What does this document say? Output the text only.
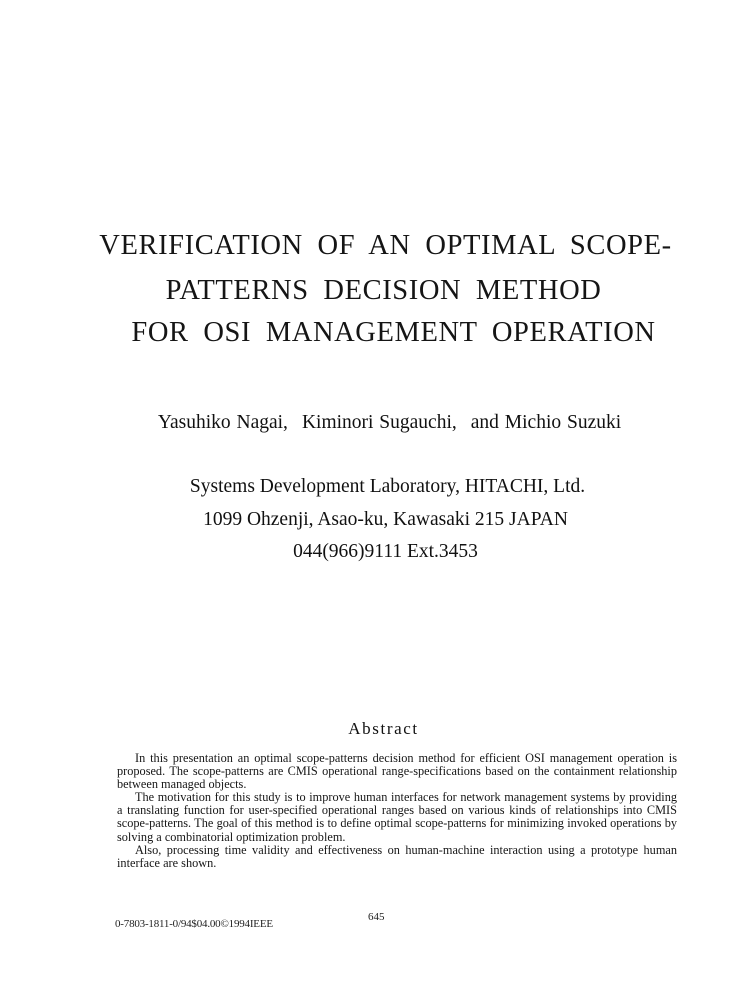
VERIFICATION OF AN OPTIMAL SCOPE-
PATTERNS DECISION METHOD
FOR OSI MANAGEMENT OPERATION
Yasuhiko Nagai, Kiminori Sugauchi, and Michio Suzuki
Systems Development Laboratory, HITACHI, Ltd.
1099 Ohzenji, Asao-ku, Kawasaki 215 JAPAN
044(966)9111 Ext.3453
Abstract

In this presentation an optimal scope-patterns decision method for efficient OSI management operation is proposed. The scope-patterns are CMIS operational range-specifications based on the containment relationship between managed objects.

The motivation for this study is to improve human interfaces for network management systems by providing a translating function for user-specified operational ranges based on various kinds of relationships into CMIS scope-patterns. The goal of this method is to define optimal scope-patterns for minimizing invoked operations by solving a combinatorial optimization problem.

Also, processing time validity and effectiveness on human-machine interaction using a prototype human interface are shown.

0-7803-1811-0/94$04.00©1994IEEE
645
